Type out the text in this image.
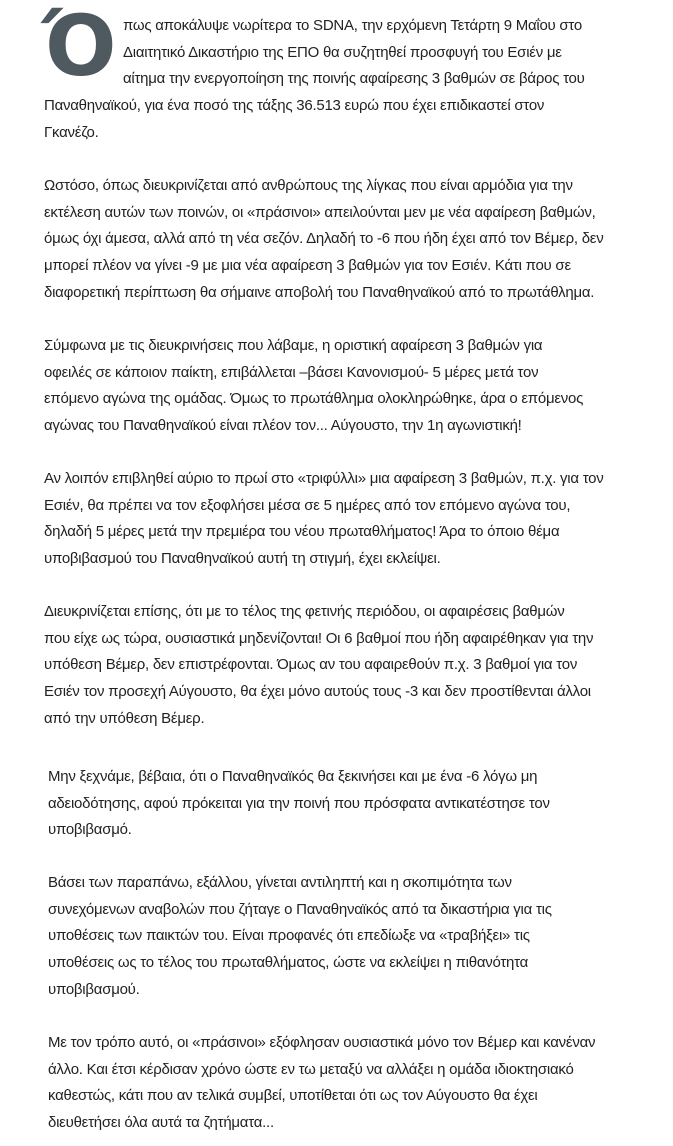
Ό πως αποκάλυψε νωρίτερα το SDNA, την ερχόμενη Τετάρτη 9 Μαΐου στο
Διαιτητικό Δικαστήριο της ΕΠΟ θα συζητηθεί προσφυγή του Εσιέν με
αίτημα την ενεργοποίηση της ποινής αφαίρεσης 3 βαθμών σε βάρος του

Παναθηναϊκού, για ένα ποσό της τάξης 36.513 ευρώ που έχει επιδικαστεί στον
Γκανέζο.

Ωστόσο, όπως διευκρινίζεται από ανθρώπους της λίγκας που είναι αρμόδια για την
εκτέλεση αυτών των ποινών, οι «πράσινοι» απειλούνται μεν με νέα αφαίρεση βαθμών,
όμως όχι άμεσα, αλλά από τη νέα σεζόν. Δηλαδή το -6 που ήδη έχει από τον Βέμερ, δεν
μπορεί πλέον να γίνει -9 με μια νέα αφαίρεση 3 βαθμών για τον Εσιέν. Κάτι που σε
διαφορετική περίπτωση θα σήμαινε αποβολή του Παναθηναϊκού από το πρωτάθλημα.

Σύμφωνα με τις διευκρινήσεις που λάβαμε, η οριστική αφαίρεση 3 βαθμών για
οφειλές σε κάποιον παίκτη, επιβάλλεται –βάσει Κανονισμού- 5 μέρες μετά τον
επόμενο αγώνα της ομάδας. Όμως το πρωτάθλημα ολοκληρώθηκε, άρα ο επόμενος
αγώνας του Παναθηναϊκού είναι πλέον τον... Αύγουστο, την 1η αγωνιστική!

Αν λοιπόν επιβληθεί αύριο το πρωί στο «τριφύλλι» μια αφαίρεση 3 βαθμών, π.χ. για τον
Εσιέν, θα πρέπει να τον εξοφλήσει μέσα σε 5 ημέρες από τον επόμενο αγώνα του,
δηλαδή 5 μέρες μετά την πρεμιέρα του νέου πρωταθλήματος! Άρα το όποιο θέμα
υποβιβασμού του Παναθηναϊκού αυτή τη στιγμή, έχει εκλείψει.

Διευκρινίζεται επίσης, ότι με το τέλος της φετινής περιόδου, οι αφαιρέσεις βαθμών
που είχε ως τώρα, ουσιαστικά μηδενίζονται! Οι 6 βαθμοί που ήδη αφαιρέθηκαν για την
υπόθεση Βέμερ, δεν επιστρέφονται. Όμως αν του αφαιρεθούν π.χ. 3 βαθμοί για τον
Εσιέν τον προσεχή Αύγουστο, θα έχει μόνο αυτούς τους -3 και δεν προστίθενται άλλοι
από την υπόθεση Βέμερ.

Μην ξεχνάμε, βέβαια, ότι ο Παναθηναϊκός θα ξεκινήσει και με ένα -6 λόγω μη
αδειοδότησης, αφού πρόκειται για την ποινή που πρόσφατα αντικατέστησε τον
υποβιβασμό.

Βάσει των παραπάνω, εξάλλου, γίνεται αντιληπτή και η σκοπιμότητα των
συνεχόμενων αναβολών που ζήταγε ο Παναθηναϊκός από τα δικαστήρια για τις
υποθέσεις των παικτών του. Είναι προφανές ότι επεδίωξε να «τραβήξει» τις
υποθέσεις ως το τέλος του πρωταθλήματος, ώστε να εκλείψει η πιθανότητα
υποβιβασμού.

Με τον τρόπο αυτό, οι «πράσινοι» εξόφλησαν ουσιαστικά μόνο τον Βέμερ και κανέναν
άλλο. Και έτσι κέρδισαν χρόνο ώστε εν τω μεταξύ να αλλάξει η ομάδα ιδιοκτησιακό
καθεστώς, κάτι που αν τελικά συμβεί, υποτίθεται ότι ως τον Αύγουστο θα έχει
διευθετήσει όλα αυτά τα ζητήματα...
